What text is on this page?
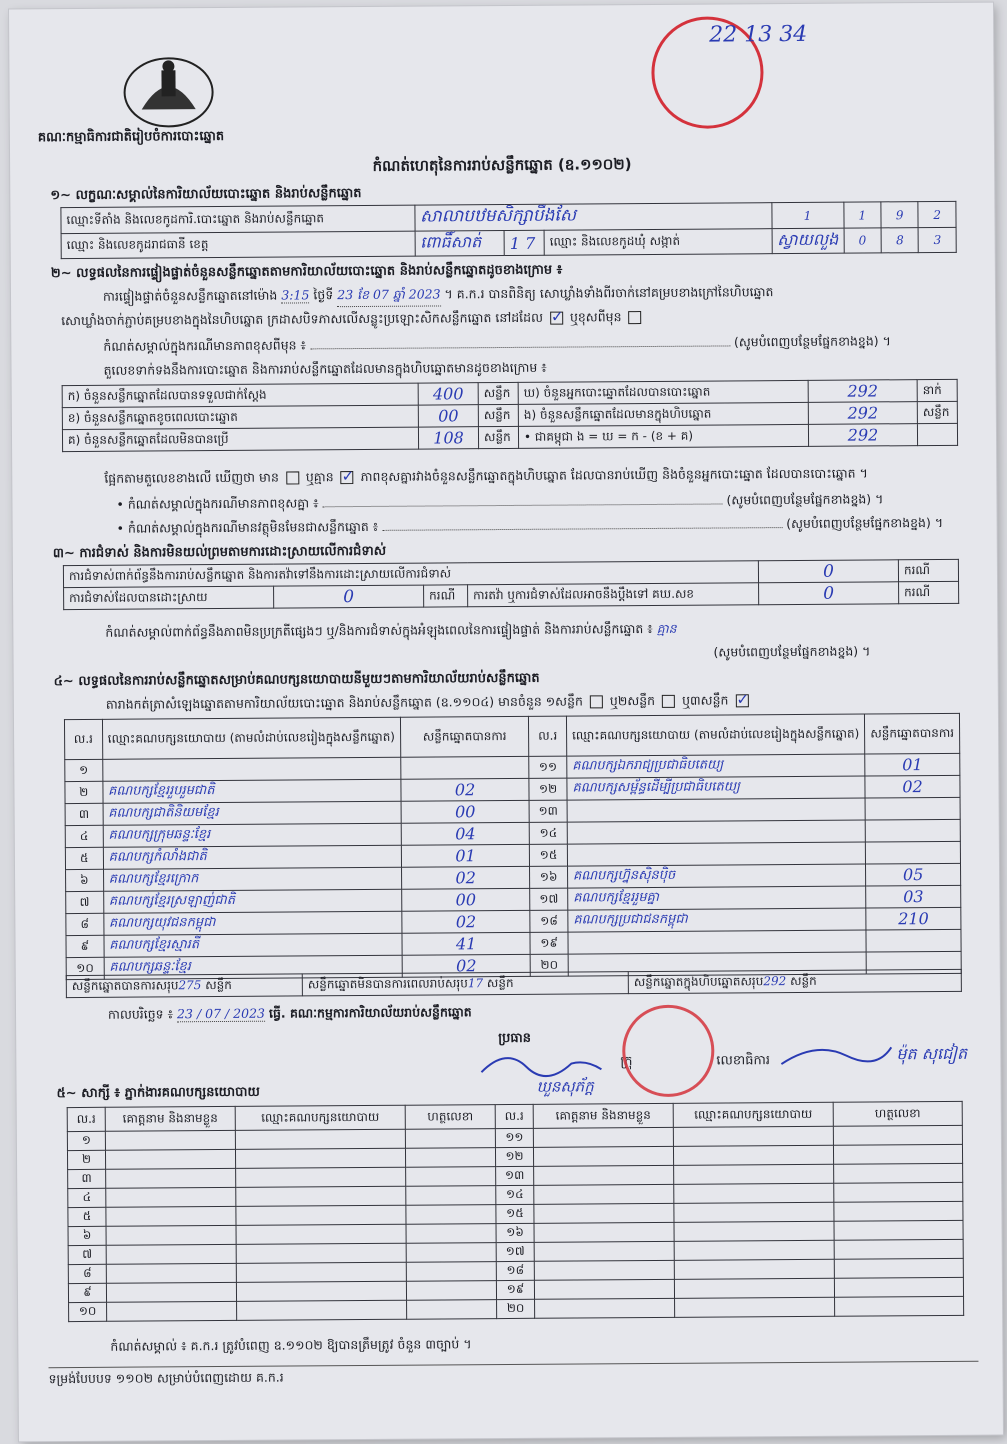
គណៈកម្មាធិការជាតិរៀបចំការបោះឆ្នោត
22 13 34
កំណត់ហេតុនៃការរាប់សន្លឹកឆ្នោត (ឧ.១១០២)
១~ លក្ខណៈសម្គាល់នៃការិយាល័យបោះឆ្នោត និងរាប់សន្លឹកឆ្នោត
ឈ្មោះទីតាំង និងលេខកូដការិ.បោះឆ្នោត និងរាប់សន្លឹកឆ្នោត	សាលាបឋមសិក្សាបឹងសែ			1	1	9	2
ឈ្មោះ និងលេខកូដរាជធានី ខេត្ត	ពោធិ៍សាត់	1 7	ឈ្មោះ និងលេខកូដឃុំ សង្កាត់	ស្វាយលួង	0	8	3
២~ លទ្ធផលនៃការផ្ទៀងផ្ទាត់ចំនួនសន្លឹកឆ្នោតតាមការិយាល័យបោះឆ្នោត និងរាប់សន្លឹកឆ្នោតដូចខាងក្រោម ៖
ការផ្ទៀងផ្ទាត់ចំនួនសន្លឹកឆ្នោតនៅម៉ោង 3:15 ថ្ងៃទី 23 ខែ 07 ឆ្នាំ 2023 ។ គ.ក.រ បានពិនិត្យ សោឃ្លាំងទាំងពីរចាក់នៅគម្របខាងក្រៅនៃហិបឆ្នោត
សោឃ្លាំងចាក់ភ្ជាប់គម្របខាងក្នុងនៃហិបឆ្នោត ក្រដាសបិទភាសលើសន្លូះប្រឡោះសិកសន្លឹកឆ្នោត នៅដដែល ✓ ឬខុសពីមុន
កំណត់សម្គាល់ក្នុងករណីមានភាពខុសពីមុន ៖	(សូមបំពេញបន្ថែមផ្នែកខាងខ្នង) ។
តួលេខទាក់ទងនឹងការបោះឆ្នោត និងការរាប់សន្លឹកឆ្នោតដែលមានក្នុងហិបឆ្នោតមានដូចខាងក្រោម ៖
ក) ចំនួនសន្លឹកឆ្នោតដែលបានទទួលជាក់ស្តែង	400	សន្លឹក	ឃ) ចំនួនអ្នកបោះឆ្នោតដែលបានបោះឆ្នោត	292	នាក់
ខ) ចំនួនសន្លឹកឆ្នោតខូចពេលបោះឆ្នោត	00	សន្លឹក	ង) ចំនួនសន្លឹកឆ្នោតដែលមានក្នុងហិបឆ្នោត	292	សន្លឹក
គ) ចំនួនសន្លឹកឆ្នោតដែលមិនបានប្រើ	108	សន្លឹក	• ជាគម្ពុជា ង = ឃ = ក - (ខ + គ)	292	
ផ្អែកតាមតួលេខខាងលើ ឃើញថា មាន ឬគ្មាន ✓ ភាពខុសគ្នារវាងចំនួនសន្លឹកឆ្នោតក្នុងហិបឆ្នោត ដែលបានរាប់ឃើញ និងចំនួនអ្នកបោះឆ្នោត ដែលបានបោះឆ្នោត ។
• កំណត់សម្គាល់ក្នុងករណីមានភាពខុសគ្នា ៖	(សូមបំពេញបន្ថែមផ្នែកខាងខ្នង) ។
• កំណត់សម្គាល់ក្នុងករណីមានវត្ថុមិនមែនជាសន្លឹកឆ្នោត ៖	(សូមបំពេញបន្ថែមផ្នែកខាងខ្នង) ។
៣~ ការជំទាស់ និងការមិនយល់ព្រមតាមការដោះស្រាយលើការជំទាស់
ការជំទាស់ពាក់ព័ន្ធនឹងការរាប់សន្លឹកឆ្នោត និងការតវ៉ាទៅនឹងការដោះស្រាយលើការជំទាស់				0	ករណី
ការជំទាស់ដែលបានដោះស្រាយ	0	ករណី	ការតវ៉ា ឬការជំទាស់ដែលអាចនឹងប្តឹងទៅ គឃ.សខ	0	ករណី
កំណត់សម្គាល់ពាក់ព័ន្ធនឹងភាពមិនប្រក្រតីផ្សេងៗ ឬ/និងការជំទាស់ក្នុងអំឡុងពេលនៃការផ្ទៀងផ្ទាត់ និងការរាប់សន្លឹកឆ្នោត ៖ គ្មាន
(សូមបំពេញបន្ថែមផ្នែកខាងខ្នង) ។
៤~ លទ្ធផលនៃការរាប់សន្លឹកឆ្នោតសម្រាប់គណបក្សនយោបាយនីមួយៗតាមការិយាល័យរាប់សន្លឹកឆ្នោត
តារាងកត់ត្រាសំឡេងឆ្នោតតាមការិយាល័យបោះឆ្នោត និងរាប់សន្លឹកឆ្នោត (ឧ.១១០៤) មានចំនួន ១សន្លឹក ឬ២សន្លឹក ឬ៣សន្លឹក ✓
ល.រ	ឈ្មោះគណបក្សនយោបាយ (តាមលំដាប់លេខរៀងក្នុងសន្លឹកឆ្នោត)	សន្លឹកឆ្នោតបានការ	ល.រ	ឈ្មោះគណបក្សនយោបាយ (តាមលំដាប់លេខរៀងក្នុងសន្លឹកឆ្នោត)	សន្លឹកឆ្នោតបានការ
១			១១	គណបក្សឯករាជ្យប្រជាធិបតេយ្យ	01
២	គណបក្សខ្មែររួបរួមជាតិ	02	១២	គណបក្សសម្ព័ន្ធដើម្បីប្រជាធិបតេយ្យ	02
៣	គណបក្សជាតិនិយមខ្មែរ	00	១៣		
៤	គណបក្សក្រុមឆន្ទៈខ្មែរ	04	១៤		
៥	គណបក្សកំលាំងជាតិ	01	១៥		
៦	គណបក្សខ្មែរក្រោក	02	១៦	គណបក្សហ្វ៊ុនស៊ិនប៉ិច	05
៧	គណបក្សខ្មែរស្រឡាញ់ជាតិ	00	១៧	គណបក្សខ្មែររួមគ្នា	03
៨	គណបក្សយុវជនកម្ពុជា	02	១៨	គណបក្សប្រជាជនកម្ពុជា	210
៩	គណបក្សខ្មែរស្មារតី	41	១៩		
១០	គណបក្សឆន្ទៈខ្មែរ	02	២០		
សន្លឹកឆ្នោតបានការសរុប275 សន្លឹក	សន្លឹកឆ្នោតមិនបានការពេលរាប់សរុប17 សន្លឹក	សន្លឹកឆ្នោតក្នុងហិបឆ្នោតសរុប292 សន្លឹក
កាលបរិច្ឆេទ ៖ 23 / 07 / 2023 ធ្វើ. គណៈកម្មការការិយាល័យរាប់សន្លឹកឆ្នោត
ប្រធាន
ក្រុ	លេខាធិការ
ឃួនសុភ័ក្ត
ម៉ុត សុជៀត
៥~ សាក្សី ៖ ភ្នាក់ងារគណបក្សនយោបាយ
ល.រ	គោត្តនាម និងនាមខ្លួន	ឈ្មោះគណបក្សនយោបាយ	ហត្ថលេខា	ល.រ	គោត្តនាម និងនាមខ្លួន	ឈ្មោះគណបក្សនយោបាយ	ហត្ថលេខា
១				១១			
២				១២			
៣				១៣			
៤				១៤			
៥				១៥			
៦				១៦			
៧				១៧			
៨				១៨			
៩				១៩			
១០				២០			
កំណត់សម្គាល់ ៖ គ.ក.រ ត្រូវបំពេញ ឧ.១១០២ ឱ្យបានត្រឹមត្រូវ ចំនួន ៣ច្បាប់ ។
ទម្រង់បែបបទ ១១០២ សម្រាប់បំពេញដោយ គ.ក.រ
